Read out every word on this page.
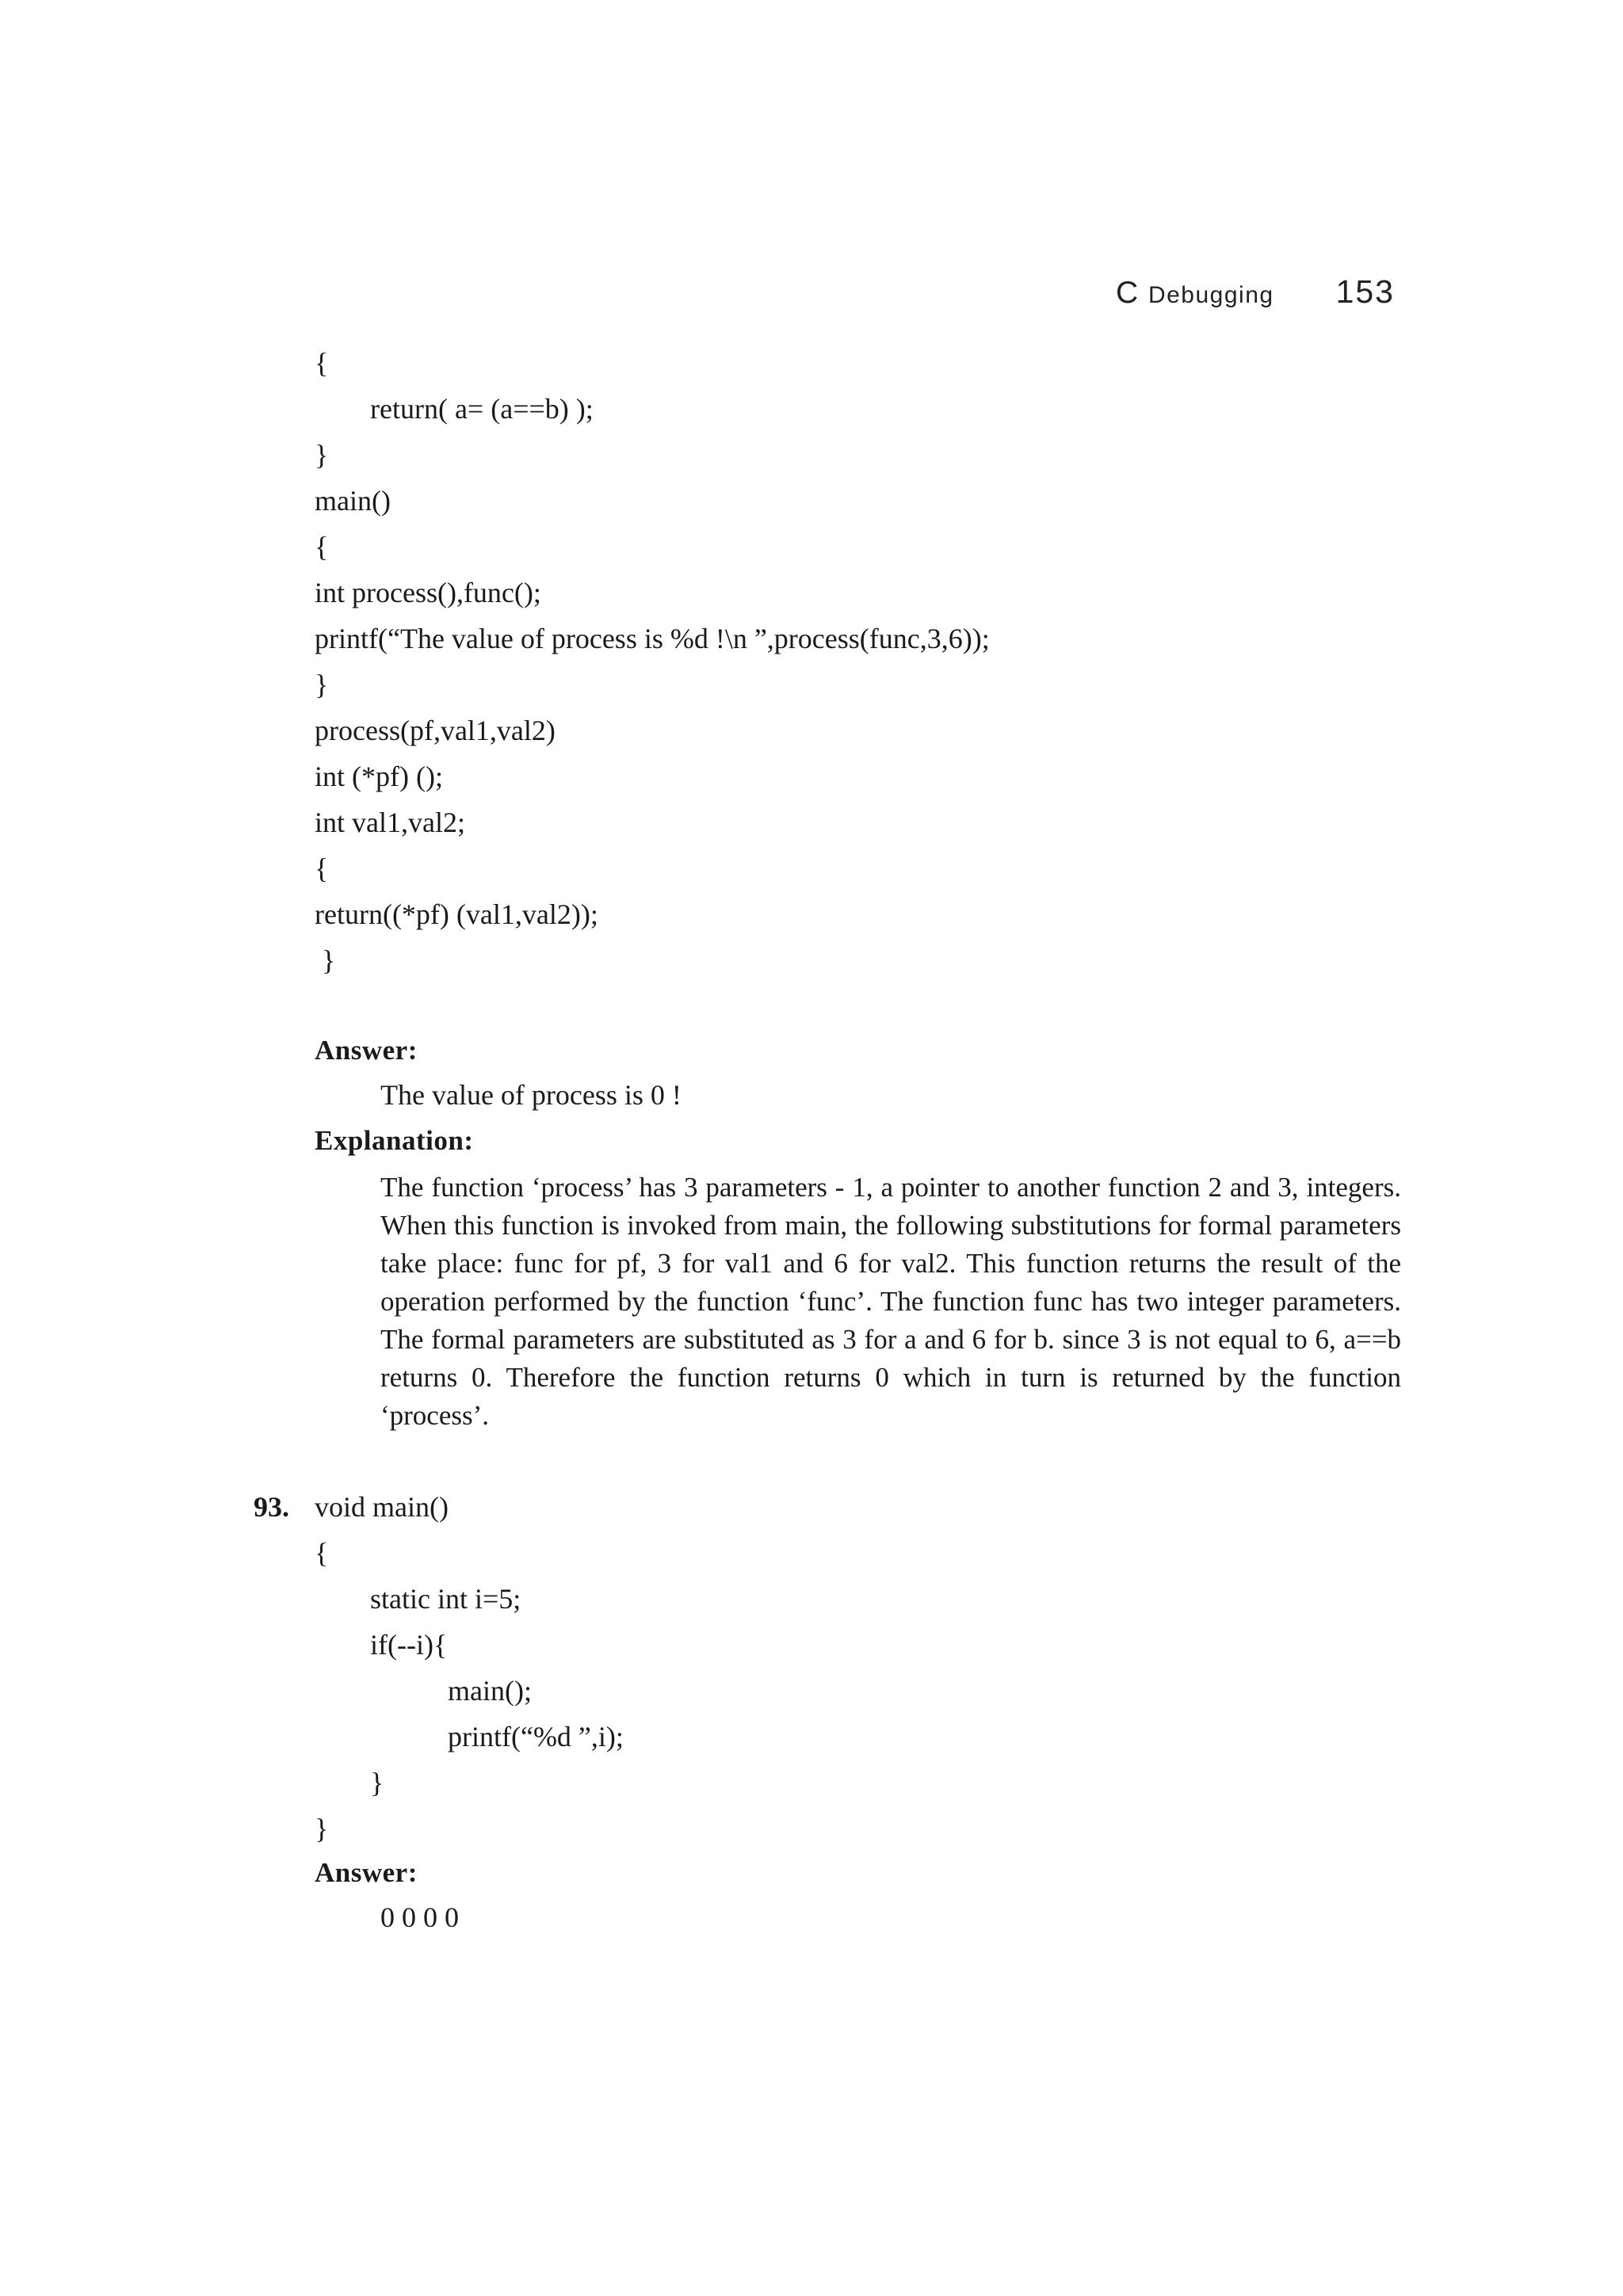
C Debugging 153
{
return( a= (a==b) );
}
main()
{
int process(),func();
printf(“The value of process is %d !\n ”,process(func,3,6));
}
process(pf,val1,val2)
int (*pf) ();
int val1,val2;
{
return((*pf) (val1,val2));
}
Answer:
The value of process is 0 !
Explanation:
The function ‘process’ has 3 parameters - 1, a pointer to another function 2 and 3, integers. When this function is invoked from main, the following substitutions for formal parameters take place: func for pf, 3 for val1 and 6 for val2. This function returns the result of the operation performed by the function ‘func’. The function func has two integer parameters. The formal parameters are substituted as 3 for a and 6 for b. since 3 is not equal to 6, a==b returns 0. Therefore the function returns 0 which in turn is returned by the function ‘process’.
93. void main()
{
static int i=5;
if(--i){
main();
printf(“%d ”,i);
}
}
Answer:
0 0 0 0
